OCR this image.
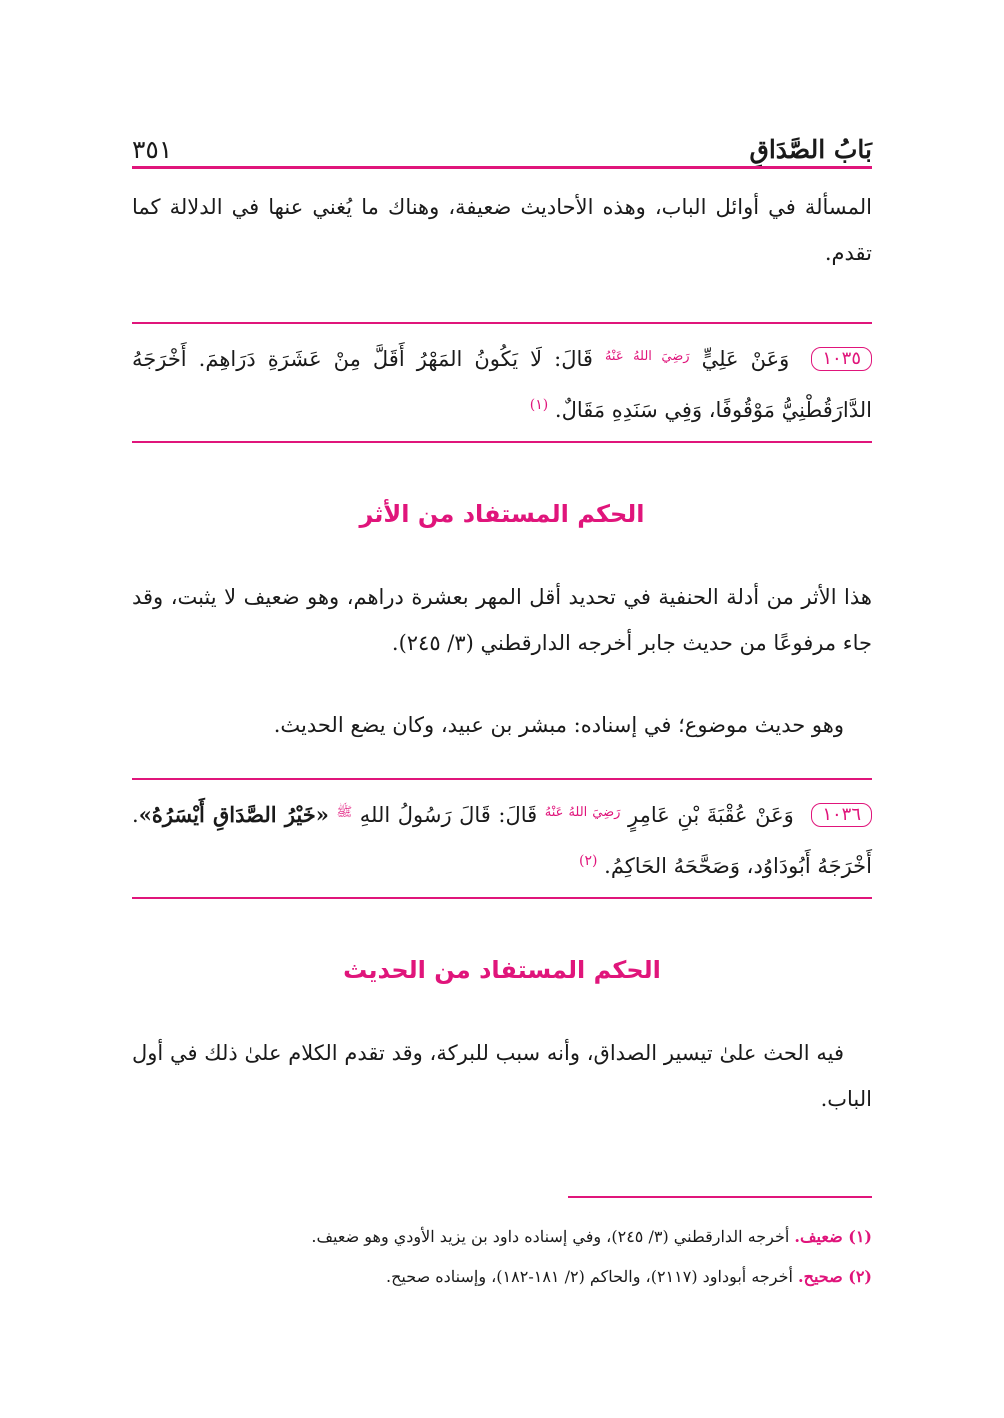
بَابُ الصَّدَاقِ
٣٥١
المسألة في أوائل الباب، وهذه الأحاديث ضعيفة، وهناك ما يُغني عنها في الدلالة كما تقدم.
١٠٣٥ وَعَنْ عَلِيٍّ $^{رَضِيَ اللهُ عَنْهُ}$ قَالَ: لَا يَكُونُ المَهْرُ أَقَلَّ مِنْ عَشَرَةِ دَرَاهِمَ. أَخْرَجَهُ الدَّارَقُطْنِيُّ مَوْقُوفًا، وَفِي سَنَدِهِ مَقَالٌ. $^{(١)}$
الحكم المستفاد من الأثر
هذا الأثر من أدلة الحنفية في تحديد أقل المهر بعشرة دراهم، وهو ضعيف لا يثبت، وقد جاء مرفوعًا من حديث جابر أخرجه الدارقطني (٣/ ٢٤٥).
وهو حديث موضوع؛ في إسناده: مبشر بن عبيد، وكان يضع الحديث.
١٠٣٦ وَعَنْ عُقْبَةَ بْنِ عَامِرٍ $^{رَضِيَ اللهُ عَنْهُ}$ قَالَ: قَالَ رَسُولُ اللهِ $^ﷺ$ «خَيْرُ الصَّدَاقِ أَيْسَرُهُ». أَخْرَجَهُ أَبُودَاوُد، وَصَحَّحَهُ الحَاكِمُ. $^{(٢)}$
الحكم المستفاد من الحديث
فيه الحث علىٰ تيسير الصداق، وأنه سبب للبركة، وقد تقدم الكلام علىٰ ذلك في أول الباب.
(١) ضعيف. أخرجه الدارقطني (٣/ ٢٤٥)، وفي إسناده داود بن يزيد الأودي وهو ضعيف.
(٢) صحيح. أخرجه أبوداود (٢١١٧)، والحاكم (٢/ ١٨١-١٨٢)، وإسناده صحيح.
